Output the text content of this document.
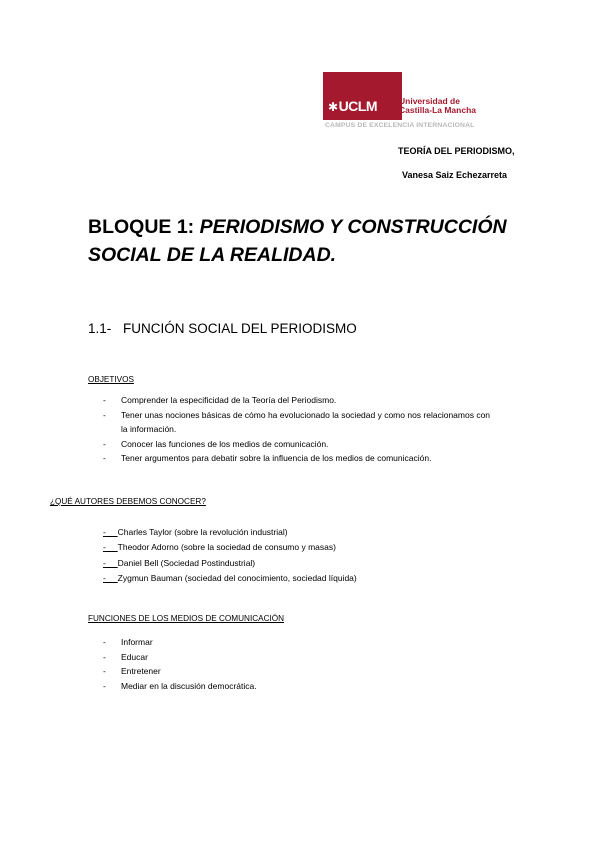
✱UCLM	Universidad de
Castilla-La Mancha
CAMPUS DE EXCELENCIA INTERNACIONAL
TEORÍA DEL PERIODISMO,
Vanesa Saiz Echezarreta
BLOQUE 1: PERIODISMO Y CONSTRUCCIÓN SOCIAL DE LA REALIDAD.
1.1- FUNCIÓN SOCIAL DEL PERIODISMO
OBJETIVOS
- Comprender la especificidad de la Teoría del Periodismo.
- Tener unas nociones básicas de cómo ha evolucionado la sociedad y como nos relacionamos con la información.
- Conocer las funciones de los medios de comunicación.
- Tener argumentos para debatir sobre la influencia de los medios de comunicación.
¿QUÉ AUTORES DEBEMOS CONOCER?
- Charles Taylor (sobre la revolución industrial)
- Theodor Adorno (sobre la sociedad de consumo y masas)
- Daniel Bell (Sociedad Postindustrial)
- Zygmun Bauman (sociedad del conocimiento, sociedad líquida)
FUNCIONES DE LOS MEDIOS DE COMUNICACIÓN
- Informar
- Educar
- Entretener
- Mediar en la discusión democrática.
